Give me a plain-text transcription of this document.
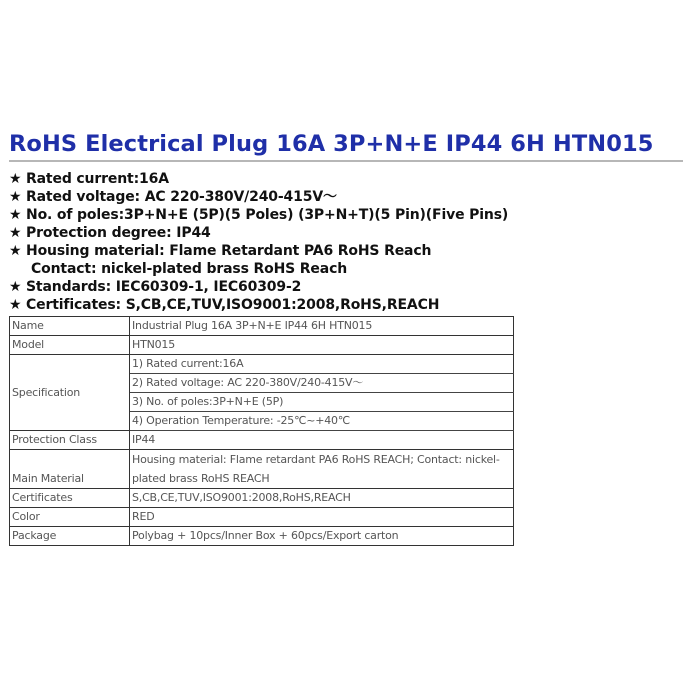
RoHS Electrical Plug 16A 3P+N+E IP44 6H HTN015
★ Rated current:16A
★ Rated voltage: AC 220-380V/240-415V～
★ No. of poles:3P+N+E (5P)(5 Poles) (3P+N+T)(5 Pin)(Five Pins)
★ Protection degree: IP44
★ Housing material: Flame Retardant PA6 RoHS Reach
Contact: nickel-plated brass RoHS Reach
★ Standards: IEC60309-1, IEC60309-2
★ Certificates: S,CB,CE,TUV,ISO9001:2008,RoHS,REACH
Name	Industrial Plug 16A 3P+N+E IP44 6H HTN015
Model	HTN015
Specification	1) Rated current:16A
	2) Rated voltage: AC 220-380V/240-415V～
	3) No. of poles:3P+N+E (5P)
	4) Operation Temperature: -25℃~+40℃
Protection Class	IP44
Main Material	Housing material: Flame retardant PA6 RoHS REACH; Contact: nickel-plated brass RoHS REACH
Certificates	S,CB,CE,TUV,ISO9001:2008,RoHS,REACH
Color	RED
Package	Polybag + 10pcs/Inner Box + 60pcs/Export carton
